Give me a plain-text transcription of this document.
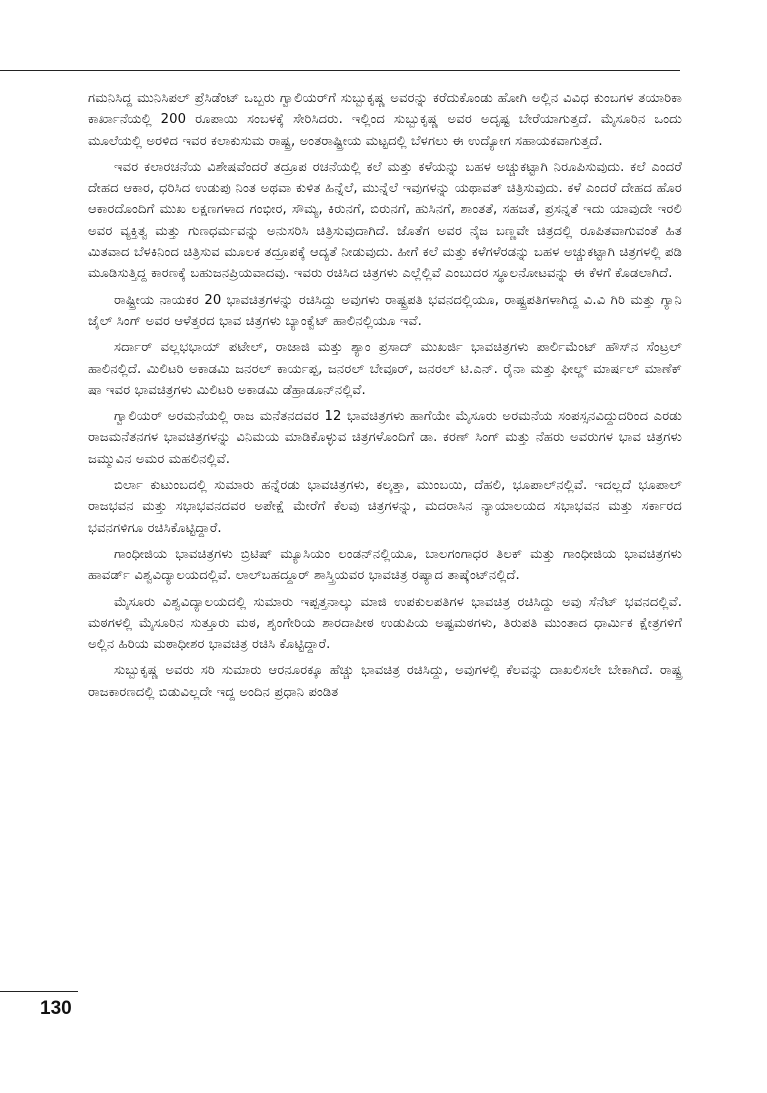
ಗಮನಿಸಿದ್ದ ಮುನಿಸಿಪಲ್ ಪ್ರೆಸಿಡೆಂಟ್ ಒಬ್ಬರು ಗ್ವಾಲಿಯರ್‌ಗೆ ಸುಬ್ಬುಕೃಷ್ಣ ಅವರನ್ನು ಕರೆದುಕೊಂಡು ಹೋಗಿ ಅಲ್ಲಿನ ವಿವಿಧ ಕುಂಬಗಳ ತಯಾರಿಕಾ ಕಾರ್ಖಾನೆಯಲ್ಲಿ 200 ರೂಪಾಯಿ ಸಂಬಳಕ್ಕೆ ಸೇರಿಸಿದರು. ಇಲ್ಲಿಂದ ಸುಬ್ಬುಕೃಷ್ಣ ಅವರ ಅದೃಷ್ಟ ಬೇರೆಯಾಗುತ್ತದೆ. ಮೈಸೂರಿನ ಒಂದು ಮೂಲೆಯಲ್ಲಿ ಅರಳಿದ ಇವರ ಕಲಾಕುಸುಮ ರಾಷ್ಟ್ರ, ಅಂತರಾಷ್ಟ್ರೀಯ ಮಟ್ಟದಲ್ಲಿ ಬೆಳಗಲು ಈ ಉದ್ಯೋಗ ಸಹಾಯಕವಾಗುತ್ತದೆ.

ಇವರ ಕಲಾರಚನೆಯ ವಿಶೇಷವೆಂದರೆ ತದ್ರೂಪ ರಚನೆಯಲ್ಲಿ ಕಲೆ ಮತ್ತು ಕಳೆಯನ್ನು ಬಹಳ ಅಚ್ಚುಕಟ್ಟಾಗಿ ನಿರೂಪಿಸುವುದು. ಕಲೆ ಎಂದರೆ ದೇಹದ ಆಕಾರ, ಧರಿಸಿದ ಉಡುಪು ನಿಂತ ಅಥವಾ ಕುಳಿತ ಹಿನ್ನೆಲೆ, ಮುನ್ನೆಲೆ ಇವುಗಳನ್ನು ಯಥಾವತ್ ಚಿತ್ರಿಸುವುದು. ಕಳೆ ಎಂದರೆ ದೇಹದ ಹೊರ ಆಕಾರದೊಂದಿಗೆ ಮುಖ ಲಕ್ಷಣಗಳಾದ ಗಂಭೀರ, ಸೌಮ್ಯ, ಕಿರುನಗೆ, ಬಿರುನಗೆ, ಹುಸಿನಗೆ, ಶಾಂತತೆ, ಸಹಜತೆ, ಪ್ರಸನ್ನತೆ ಇದು ಯಾವುದೇ ಇರಲಿ ಅವರ ವ್ಯಕ್ತಿತ್ವ ಮತ್ತು ಗುಣಧರ್ಮವನ್ನು ಅನುಸರಿಸಿ ಚಿತ್ರಿಸುವುದಾಗಿದೆ. ಜೊತೆಗ ಅವರ ನೈಜ ಬಣ್ಣವೇ ಚಿತ್ರದಲ್ಲಿ ರೂಪಿತವಾಗುವಂತೆ ಹಿತ ಮಿತವಾದ ಬೆಳಕಿನಿಂದ ಚಿತ್ರಿಸುವ ಮೂಲಕ ತದ್ರೂಪಕ್ಕೆ ಆದ್ಯತೆ ನೀಡುವುದು. ಹೀಗೆ ಕಲೆ ಮತ್ತು ಕಳೆಗಳೆರಡನ್ನು ಬಹಳ ಅಚ್ಚುಕಟ್ಟಾಗಿ ಚಿತ್ರಗಳಲ್ಲಿ ಪಡಿ ಮೂಡಿಸುತ್ತಿದ್ದ ಕಾರಣಕ್ಕೆ ಬಹುಜನಪ್ರಿಯವಾದವು. ಇವರು ರಚಿಸಿದ ಚಿತ್ರಗಳು ಎಲ್ಲೆಲ್ಲಿವೆ ಎಂಬುದರ ಸ್ಥೂಲನೋಟವನ್ನು ಈ ಕೆಳಗೆ ಕೊಡಲಾಗಿದೆ.

ರಾಷ್ಟ್ರೀಯ ನಾಯಕರ 20 ಭಾವಚಿತ್ರಗಳನ್ನು ರಚಿಸಿದ್ದು ಅವುಗಳು ರಾಷ್ಟ್ರಪತಿ ಭವನದಲ್ಲಿಯೂ, ರಾಷ್ಟ್ರಪತಿಗಳಾಗಿದ್ದ ವಿ.ವಿ ಗಿರಿ ಮತ್ತು ಗ್ಯಾನಿ ಜೈಲ್ ಸಿಂಗ್ ಅವರ ಆಳೆತ್ತರದ ಭಾವ ಚಿತ್ರಗಳು ಬ್ಯಾಂಕ್ವೆಟ್ ಹಾಲಿನಲ್ಲಿಯೂ ಇವೆ.

ಸರ್ದಾರ್ ವಲ್ಲಭಭಾಯ್ ಪಟೇಲ್, ರಾಜಾಜಿ ಮತ್ತು ಶ್ಯಾಂ ಪ್ರಸಾದ್ ಮುಖರ್ಜಿ ಭಾವಚಿತ್ರಗಳು ಪಾರ್ಲಿಮೆಂಟ್ ಹೌಸ್‌ನ ಸೆಂಟ್ರಲ್ ಹಾಲಿನಲ್ಲಿದೆ. ಮಿಲಿಟರಿ ಅಕಾಡಮಿ ಜನರಲ್ ಕಾರ್ಯಪ್ಪ, ಜನರಲ್ ಬೇವೂರ್, ಜನರಲ್ ಟಿ.ಎನ್. ರೈನಾ ಮತ್ತು ಫೀಲ್ಡ್ ಮಾರ್ಷಲ್ ಮಾಣೆಕ್ ಷಾ ಇವರ ಭಾವಚಿತ್ರಗಳು ಮಿಲಿಟರಿ ಅಕಾಡಮಿ ಡೆಹ್ರಾಡೂನ್‌ನಲ್ಲಿವೆ.

ಗ್ವಾಲಿಯರ್ ಅರಮನೆಯಲ್ಲಿ ರಾಜ ಮನೆತನದವರ 12 ಭಾವಚಿತ್ರಗಳು ಹಾಗೆಯೇ ಮೈಸೂರು ಅರಮನೆಯ ಸಂಪಸ್ಸನವಿದ್ದುದರಿಂದ ಎರಡು ರಾಜಮನೆತನಗಳ ಭಾವಚಿತ್ರಗಳನ್ನು ವಿನಿಮಯ ಮಾಡಿಕೊಳ್ಳುವ ಚಿತ್ರಗಳೊಂದಿಗೆ ಡಾ. ಕರಣ್ ಸಿಂಗ್ ಮತ್ತು ನೆಹರು ಅವರುಗಳ ಭಾವ ಚಿತ್ರಗಳು ಜಮ್ಮುವಿನ ಅಮರ ಮಹಲಿನಲ್ಲಿವೆ.

ಬಿರ್ಲಾ ಕುಟುಂಬದಲ್ಲಿ ಸುಮಾರು ಹನ್ನೆರಡು ಭಾವಚಿತ್ರಗಳು, ಕಲ್ಕತ್ತಾ, ಮುಂಬಯಿ, ದೆಹಲಿ, ಭೂಪಾಲ್‌ನಲ್ಲಿವೆ. ಇದಲ್ಲದೆ ಭೂಪಾಲ್ ರಾಜಭವನ ಮತ್ತು ಸಭಾಭವನದವರ ಅಪೇಕ್ಷೆ ಮೇರೆಗೆ ಕೆಲವು ಚಿತ್ರಗಳನ್ನು, ಮದರಾಸಿನ ನ್ಯಾಯಾಲಯದ ಸಭಾಭವನ ಮತ್ತು ಸರ್ಕಾರದ ಭವನಗಳಿಗೂ ರಚಿಸಿಕೊಟ್ಟಿದ್ದಾರೆ.

ಗಾಂಧೀಜಿಯ ಭಾವಚಿತ್ರಗಳು ಬ್ರಿಟಿಷ್ ಮ್ಯೂಸಿಯಂ ಲಂಡನ್‌ನಲ್ಲಿಯೂ, ಬಾಲಗಂಗಾಧರ ತಿಲಕ್ ಮತ್ತು ಗಾಂಧೀಜಿಯ ಭಾವಚಿತ್ರಗಳು ಹಾವರ್ಡ್ ವಿಶ್ವವಿದ್ಯಾಲಯದಲ್ಲಿವೆ. ಲಾಲ್‌ಬಹದ್ದೂರ್ ಶಾಸ್ತ್ರಿಯವರ ಭಾವಚಿತ್ರ ರಷ್ಯಾದ ತಾಷ್ಕೆಂಟ್‌ನಲ್ಲಿದೆ.

ಮೈಸೂರು ವಿಶ್ವವಿದ್ಯಾಲಯದಲ್ಲಿ ಸುಮಾರು ಇಪ್ಪತ್ತನಾಲ್ಕು ಮಾಜಿ ಉಪಕುಲಪತಿಗಳ ಭಾವಚಿತ್ರ ರಚಿಸಿದ್ದು ಅವು ಸೆನೆಟ್ ಭವನದಲ್ಲಿವೆ. ಮಠಗಳಲ್ಲಿ ಮೈಸೂರಿನ ಸುತ್ತೂರು ಮಠ, ಶೃಂಗೇರಿಯ ಶಾರದಾಪೀಠ ಉಡುಪಿಯ ಅಷ್ಟಮಠಗಳು, ತಿರುಪತಿ ಮುಂತಾದ ಧಾರ್ಮಿಕ ಕ್ಷೇತ್ರಗಳಿಗೆ ಅಲ್ಲಿನ ಹಿರಿಯ ಮಠಾಧೀಶರ ಭಾವಚಿತ್ರ ರಚಿಸಿ ಕೊಟ್ಟಿದ್ದಾರೆ.

ಸುಬ್ಬುಕೃಷ್ಣ ಅವರು ಸರಿ ಸುಮಾರು ಆರನೂರಕ್ಕೂ ಹೆಚ್ಚು ಭಾವಚಿತ್ರ ರಚಿಸಿದ್ದು, ಅವುಗಳಲ್ಲಿ ಕೆಲವನ್ನು ದಾಖಲಿಸಲೇ ಬೇಕಾಗಿದೆ. ರಾಷ್ಟ್ರ ರಾಜಕಾರಣದಲ್ಲಿ ಬಿಡುವಿಲ್ಲದೇ ಇದ್ದ ಅಂದಿನ ಪ್ರಧಾನಿ ಪಂಡಿತ

130
